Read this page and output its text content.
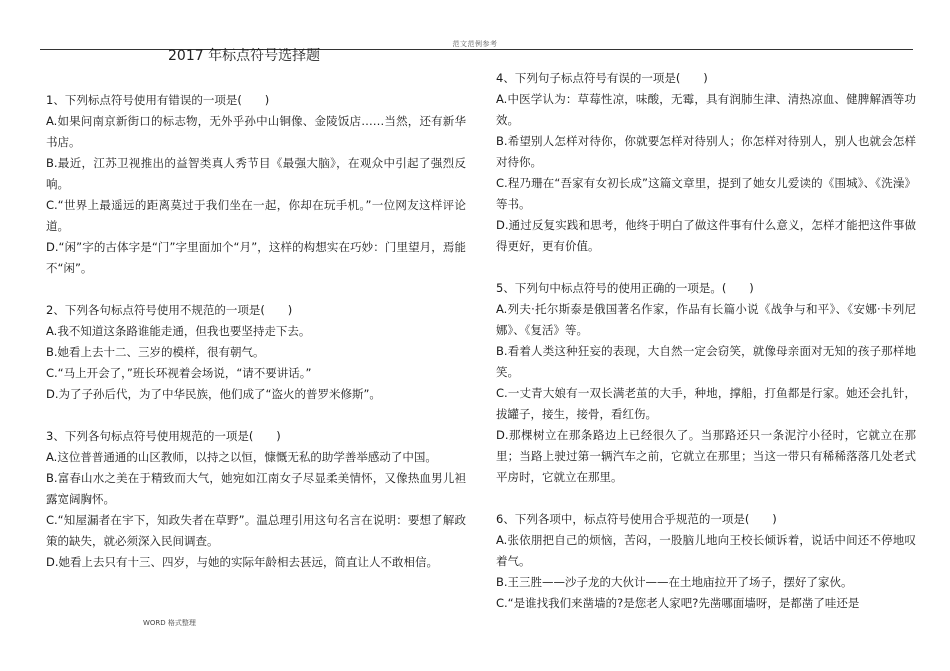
范文范例参考
2017 年标点符号选择题

1、下列标点符号使用有错误的一项是(　　)

A.如果问南京新街口的标志物，无外乎孙中山铜像、金陵饭店……当然，还有新华书店。

B.最近，江苏卫视推出的益智类真人秀节目《最强大脑》，在观众中引起了强烈反响。

C.“世界上最遥远的距离莫过于我们坐在一起，你却在玩手机。”一位网友这样评论道。

D.“闲”字的古体字是“门”字里面加个“月”，这样的构想实在巧妙：门里望月，焉能不“闲”。

2、下列各句标点符号使用不规范的一项是(　　)

A.我不知道这条路谁能走通，但我也要坚持走下去。

B.她看上去十二、三岁的模样，很有朝气。

C.“马上开会了，”班长环视着会场说，“请不要讲话。”

D.为了子孙后代，为了中华民族，他们成了“盗火的普罗米修斯”。

3、下列各句标点符号使用规范的一项是(　　)

A.这位普普通通的山区教师，以持之以恒，慷慨无私的助学善举感动了中国。

B.富春山水之美在于精致而大气，她宛如江南女子尽显柔美情怀，又像热血男儿袒露宽阔胸怀。

C.“知屋漏者在宇下，知政失者在草野”。温总理引用这句名言在说明：要想了解政策的缺失，就必须深入民间调查。

D.她看上去只有十三、四岁，与她的实际年龄相去甚远，简直让人不敢相信。

4、下列句子标点符号有误的一项是(　　)

A.中医学认为：草莓性凉，味酸，无霉，具有润肺生津、清热凉血、健脾解酒等功效。

B.希望别人怎样对待你，你就要怎样对待别人；你怎样对待别人，别人也就会怎样对待你。

C.程乃珊在“吾家有女初长成”这篇文章里，提到了她女儿爱读的《围城》、《洗澡》等书。

D.通过反复实践和思考，他终于明白了做这件事有什么意义，怎样才能把这件事做得更好，更有价值。

5、下列句中标点符号的使用正确的一项是。(　　)

A.列夫·托尔斯泰是俄国著名作家，作品有长篇小说《战争与和平》、《安娜·卡列尼娜》、《复活》等。

B.看着人类这种狂妄的表现，大自然一定会窃笑，就像母亲面对无知的孩子那样地笑。

C.一丈青大娘有一双长满老茧的大手，种地，撑船，打鱼都是行家。她还会扎针，拔罐子，接生，接骨，看红伤。

D.那棵树立在那条路边上已经很久了。当那路还只一条泥泞小径时，它就立在那里；当路上驶过第一辆汽车之前，它就立在那里；当这一带只有稀稀落落几处老式平房时，它就立在那里。

6、下列各项中，标点符号使用合乎规范的一项是(　　)

A.张依朋把自己的烦恼，苦闷，一股脑儿地向王校长倾诉着，说话中间还不停地叹着气。

B.王三胜——沙子龙的大伙计——在土地庙拉开了场子，摆好了家伙。

C.“是谁找我们来凿墙的?是您老人家吧?先凿哪面墙呀，是都凿了哇还是

WORD 格式整理
